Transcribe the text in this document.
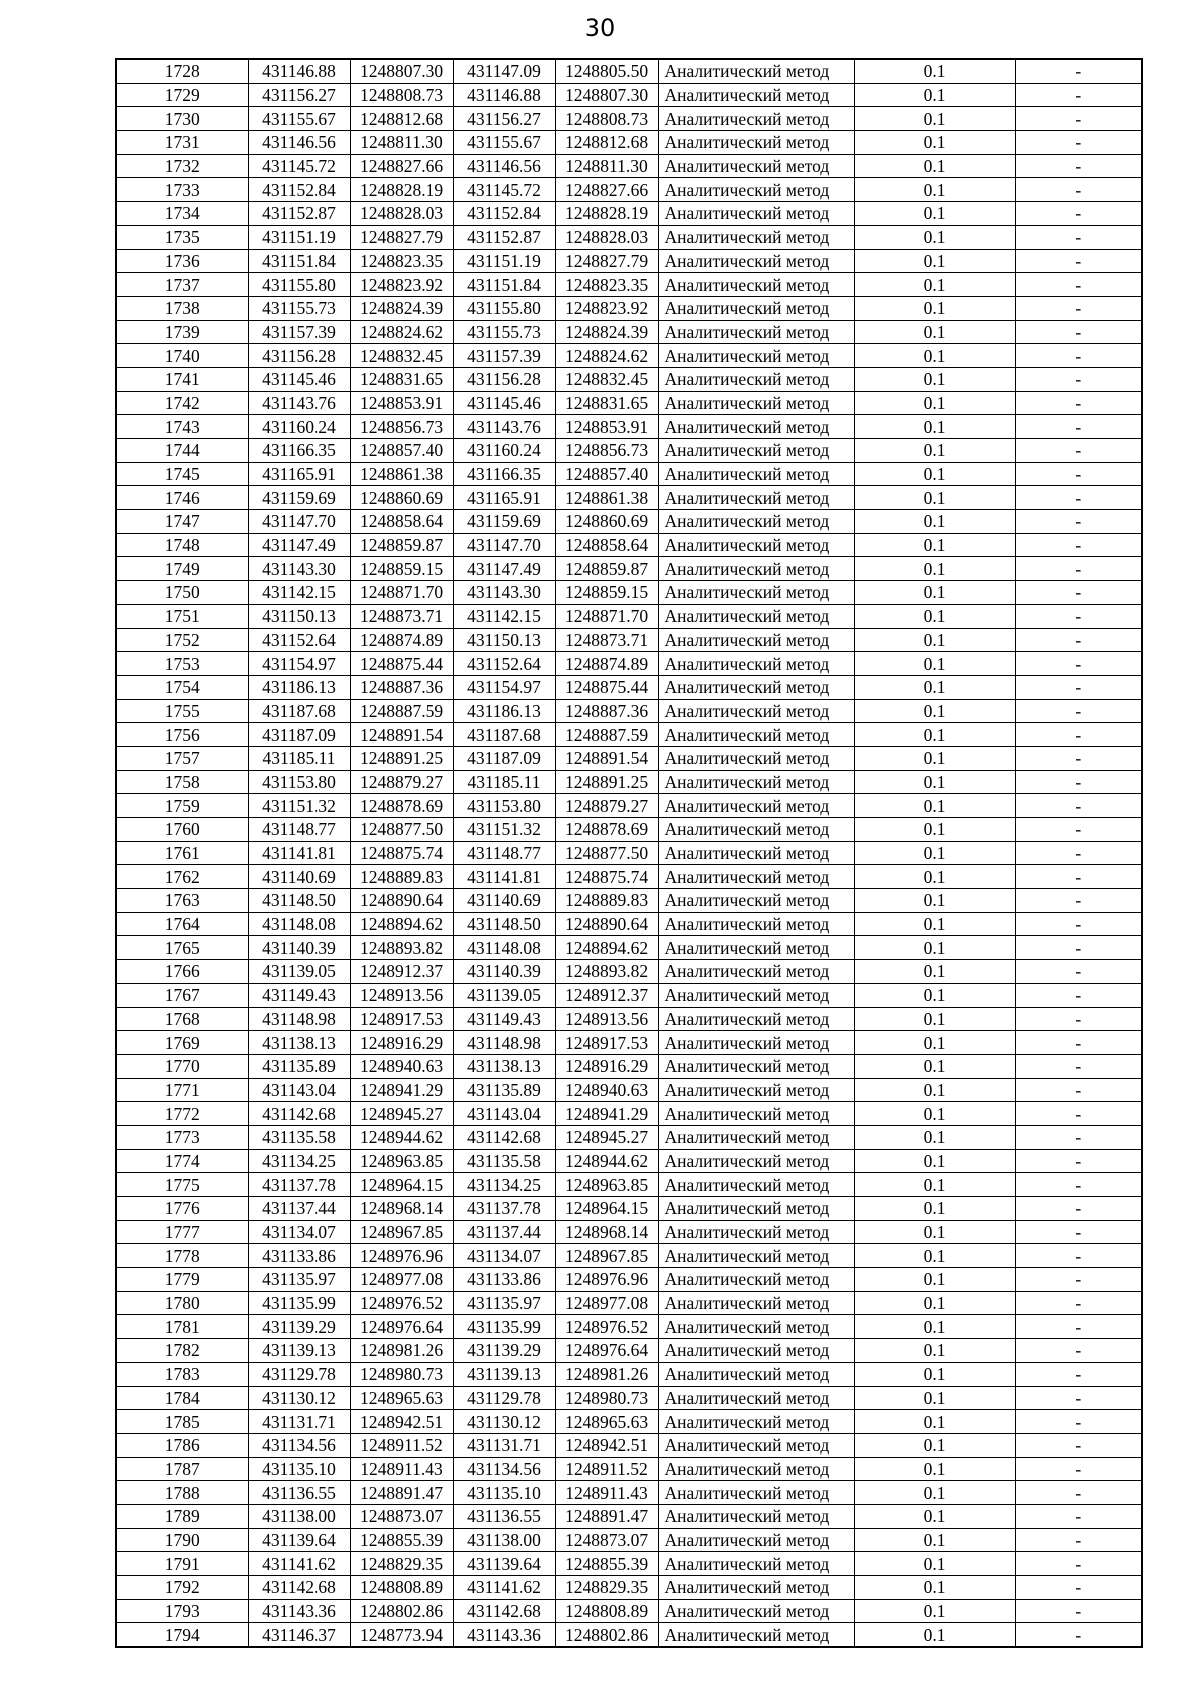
30
1728	431146.88	1248807.30	431147.09	1248805.50	Аналитический метод	0.1	-
1729	431156.27	1248808.73	431146.88	1248807.30	Аналитический метод	0.1	-
1730	431155.67	1248812.68	431156.27	1248808.73	Аналитический метод	0.1	-
1731	431146.56	1248811.30	431155.67	1248812.68	Аналитический метод	0.1	-
1732	431145.72	1248827.66	431146.56	1248811.30	Аналитический метод	0.1	-
1733	431152.84	1248828.19	431145.72	1248827.66	Аналитический метод	0.1	-
1734	431152.87	1248828.03	431152.84	1248828.19	Аналитический метод	0.1	-
1735	431151.19	1248827.79	431152.87	1248828.03	Аналитический метод	0.1	-
1736	431151.84	1248823.35	431151.19	1248827.79	Аналитический метод	0.1	-
1737	431155.80	1248823.92	431151.84	1248823.35	Аналитический метод	0.1	-
1738	431155.73	1248824.39	431155.80	1248823.92	Аналитический метод	0.1	-
1739	431157.39	1248824.62	431155.73	1248824.39	Аналитический метод	0.1	-
1740	431156.28	1248832.45	431157.39	1248824.62	Аналитический метод	0.1	-
1741	431145.46	1248831.65	431156.28	1248832.45	Аналитический метод	0.1	-
1742	431143.76	1248853.91	431145.46	1248831.65	Аналитический метод	0.1	-
1743	431160.24	1248856.73	431143.76	1248853.91	Аналитический метод	0.1	-
1744	431166.35	1248857.40	431160.24	1248856.73	Аналитический метод	0.1	-
1745	431165.91	1248861.38	431166.35	1248857.40	Аналитический метод	0.1	-
1746	431159.69	1248860.69	431165.91	1248861.38	Аналитический метод	0.1	-
1747	431147.70	1248858.64	431159.69	1248860.69	Аналитический метод	0.1	-
1748	431147.49	1248859.87	431147.70	1248858.64	Аналитический метод	0.1	-
1749	431143.30	1248859.15	431147.49	1248859.87	Аналитический метод	0.1	-
1750	431142.15	1248871.70	431143.30	1248859.15	Аналитический метод	0.1	-
1751	431150.13	1248873.71	431142.15	1248871.70	Аналитический метод	0.1	-
1752	431152.64	1248874.89	431150.13	1248873.71	Аналитический метод	0.1	-
1753	431154.97	1248875.44	431152.64	1248874.89	Аналитический метод	0.1	-
1754	431186.13	1248887.36	431154.97	1248875.44	Аналитический метод	0.1	-
1755	431187.68	1248887.59	431186.13	1248887.36	Аналитический метод	0.1	-
1756	431187.09	1248891.54	431187.68	1248887.59	Аналитический метод	0.1	-
1757	431185.11	1248891.25	431187.09	1248891.54	Аналитический метод	0.1	-
1758	431153.80	1248879.27	431185.11	1248891.25	Аналитический метод	0.1	-
1759	431151.32	1248878.69	431153.80	1248879.27	Аналитический метод	0.1	-
1760	431148.77	1248877.50	431151.32	1248878.69	Аналитический метод	0.1	-
1761	431141.81	1248875.74	431148.77	1248877.50	Аналитический метод	0.1	-
1762	431140.69	1248889.83	431141.81	1248875.74	Аналитический метод	0.1	-
1763	431148.50	1248890.64	431140.69	1248889.83	Аналитический метод	0.1	-
1764	431148.08	1248894.62	431148.50	1248890.64	Аналитический метод	0.1	-
1765	431140.39	1248893.82	431148.08	1248894.62	Аналитический метод	0.1	-
1766	431139.05	1248912.37	431140.39	1248893.82	Аналитический метод	0.1	-
1767	431149.43	1248913.56	431139.05	1248912.37	Аналитический метод	0.1	-
1768	431148.98	1248917.53	431149.43	1248913.56	Аналитический метод	0.1	-
1769	431138.13	1248916.29	431148.98	1248917.53	Аналитический метод	0.1	-
1770	431135.89	1248940.63	431138.13	1248916.29	Аналитический метод	0.1	-
1771	431143.04	1248941.29	431135.89	1248940.63	Аналитический метод	0.1	-
1772	431142.68	1248945.27	431143.04	1248941.29	Аналитический метод	0.1	-
1773	431135.58	1248944.62	431142.68	1248945.27	Аналитический метод	0.1	-
1774	431134.25	1248963.85	431135.58	1248944.62	Аналитический метод	0.1	-
1775	431137.78	1248964.15	431134.25	1248963.85	Аналитический метод	0.1	-
1776	431137.44	1248968.14	431137.78	1248964.15	Аналитический метод	0.1	-
1777	431134.07	1248967.85	431137.44	1248968.14	Аналитический метод	0.1	-
1778	431133.86	1248976.96	431134.07	1248967.85	Аналитический метод	0.1	-
1779	431135.97	1248977.08	431133.86	1248976.96	Аналитический метод	0.1	-
1780	431135.99	1248976.52	431135.97	1248977.08	Аналитический метод	0.1	-
1781	431139.29	1248976.64	431135.99	1248976.52	Аналитический метод	0.1	-
1782	431139.13	1248981.26	431139.29	1248976.64	Аналитический метод	0.1	-
1783	431129.78	1248980.73	431139.13	1248981.26	Аналитический метод	0.1	-
1784	431130.12	1248965.63	431129.78	1248980.73	Аналитический метод	0.1	-
1785	431131.71	1248942.51	431130.12	1248965.63	Аналитический метод	0.1	-
1786	431134.56	1248911.52	431131.71	1248942.51	Аналитический метод	0.1	-
1787	431135.10	1248911.43	431134.56	1248911.52	Аналитический метод	0.1	-
1788	431136.55	1248891.47	431135.10	1248911.43	Аналитический метод	0.1	-
1789	431138.00	1248873.07	431136.55	1248891.47	Аналитический метод	0.1	-
1790	431139.64	1248855.39	431138.00	1248873.07	Аналитический метод	0.1	-
1791	431141.62	1248829.35	431139.64	1248855.39	Аналитический метод	0.1	-
1792	431142.68	1248808.89	431141.62	1248829.35	Аналитический метод	0.1	-
1793	431143.36	1248802.86	431142.68	1248808.89	Аналитический метод	0.1	-
1794	431146.37	1248773.94	431143.36	1248802.86	Аналитический метод	0.1	-
